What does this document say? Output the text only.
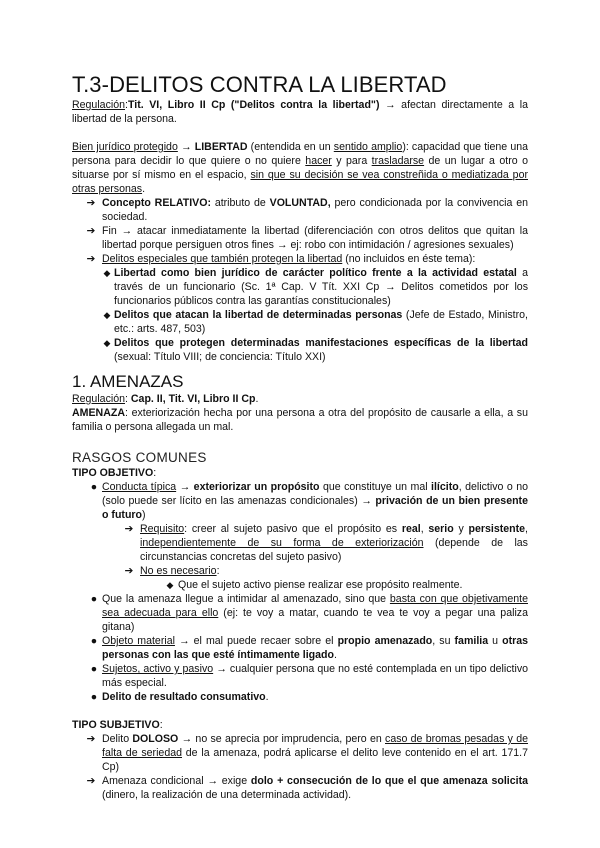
T.3-DELITOS CONTRA LA LIBERTAD

Regulación:Tit. VI, Libro II Cp ("Delitos contra la libertad") → afectan directamente a la libertad de la persona.

Bien jurídico protegido → LIBERTAD (entendida en un sentido amplio): capacidad que tiene una persona para decidir lo que quiere o no quiere hacer y para trasladarse de un lugar a otro o situarse por sí mismo en el espacio, sin que su decisión se vea constreñida o mediatizada por otras personas.

➔ Concepto RELATIVO: atributo de VOLUNTAD, pero condicionada por la convivencia en sociedad.
➔ Fin → atacar inmediatamente la libertad (diferenciación con otros delitos que quitan la libertad porque persiguen otros fines → ej: robo con intimidación / agresiones sexuales)
➔ Delitos especiales que también protegen la libertad (no incluidos en éste tema):
◆ Libertad como bien jurídico de carácter político frente a la actividad estatal a través de un funcionario (Sc. 1ª Cap. V Tít. XXI Cp → Delitos cometidos por los funcionarios públicos contra las garantías constitucionales)
◆ Delitos que atacan la libertad de determinadas personas (Jefe de Estado, Ministro, etc.: arts. 487, 503)
◆ Delitos que protegen determinadas manifestaciones específicas de la libertad (sexual: Título VIII; de conciencia: Título XXI)
1. AMENAZAS

Regulación: Cap. II, Tit. VI, Libro II Cp.

AMENAZA: exteriorización hecha por una persona a otra del propósito de causarle a ella, a su familia o persona allegada un mal.

RASGOS COMUNES

TIPO OBJETIVO:

● Conducta típica → exteriorizar un propósito que constituye un mal ilícito, delictivo o no (solo puede ser lícito en las amenazas condicionales) → privación de un bien presente o futuro)
➔ Requisito: creer al sujeto pasivo que el propósito es real, serio y persistente, independientemente de su forma de exteriorización (depende de las circunstancias concretas del sujeto pasivo)
➔ No es necesario:
◆ Que el sujeto activo piense realizar ese propósito realmente.
● Que la amenaza llegue a intimidar al amenazado, sino que basta con que objetivamente sea adecuada para ello (ej: te voy a matar, cuando te vea te voy a pegar una paliza gitana)
● Objeto material → el mal puede recaer sobre el propio amenazado, su familia u otras personas con las que esté íntimamente ligado.
● Sujetos, activo y pasivo → cualquier persona que no esté contemplada en un tipo delictivo más especial.
● Delito de resultado consumativo.

TIPO SUBJETIVO:

➔ Delito DOLOSO → no se aprecia por imprudencia, pero en caso de bromas pesadas y de falta de seriedad de la amenaza, podrá aplicarse el delito leve contenido en el art. 171.7 Cp)
➔ Amenaza condicional → exige dolo + consecución de lo que el que amenaza solicita (dinero, la realización de una determinada actividad).
